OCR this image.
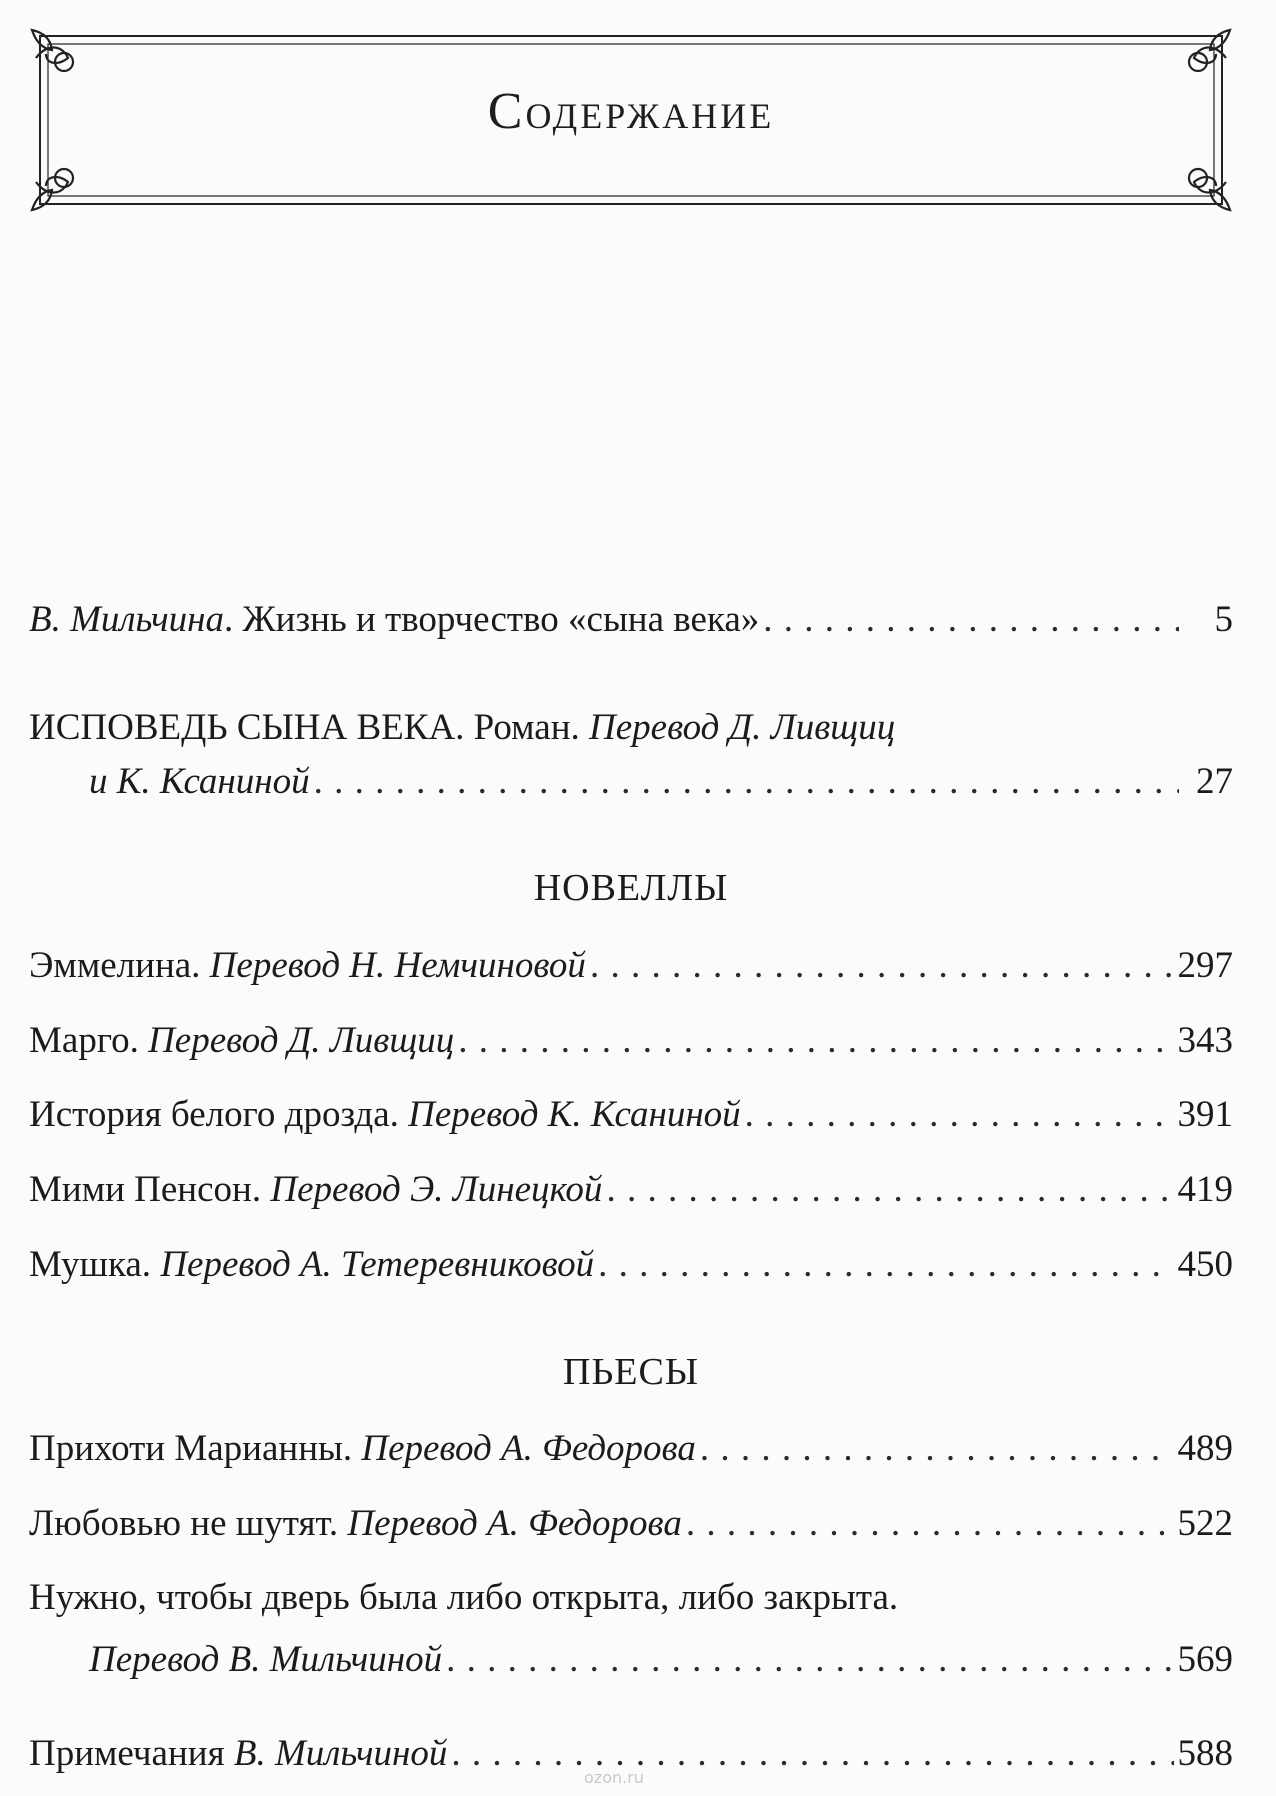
Содержание
В. Мильчина. Жизнь и творчество «сына века» . . .	5
ИСПОВЕДЬ СЫНА ВЕКА. Роман. Перевод Д. Ливщиц
и К. Ксаниной . . .	27
НОВЕЛЛЫ
Эммелина. Перевод Н. Немчиновой . . .	297
Марго. Перевод Д. Ливщиц . . .	343
История белого дрозда. Перевод К. Ксаниной . . .	391
Мими Пенсон. Перевод Э. Линецкой . . .	419
Мушка. Перевод А. Тетеревниковой . . .	450
ПЬЕСЫ
Прихоти Марианны. Перевод А. Федорова . . .	489
Любовью не шутят. Перевод А. Федорова . . .	522
Нужно, чтобы дверь была либо открыта, либо закрыта.
Перевод В. Мильчиной . . .	569
Примечания В. Мильчиной . . .	588
ozon.ru
